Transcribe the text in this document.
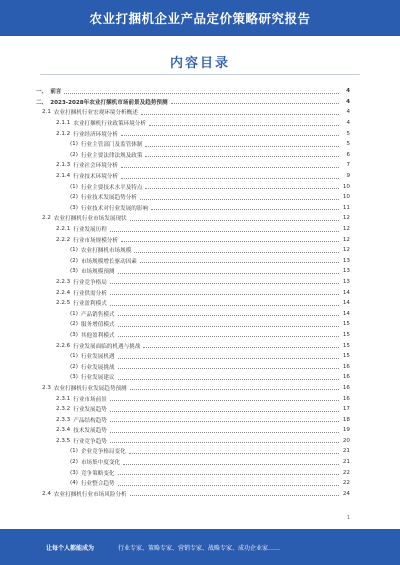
农业打捆机企业产品定价策略研究报告
内容目录
一、 前言	4
二、 2023-2028年农业打捆机市场前景及趋势预测	4
2.1 农业打捆机行业宏观环境分析概述	4
2.1.1 农业打捆机行业政策环境分析	4
2.1.2 行业经济环境分析	5
(1) 行业主管部门及监管体制	5
(2) 行业主要法律法规及政策	6
2.1.3 行业社会环境分析	7
2.1.4 行业技术环境分析	9
(1) 行业主要技术水平及特点	10
(2) 行业技术发展趋势分析	10
(3) 行业技术对行业发展的影响	11
2.2 农业打捆机行业市场发展现状	12
2.2.1 行业发展历程	12
2.2.2 行业市场规模分析	12
(1) 农业打捆机市场规模	12
(2) 市场规模增长驱动因素	13
(3) 市场规模预测	13
2.2.3 行业竞争格局	13
2.2.4 行业供需分析	14
2.2.5 行业盈利模式	14
(1) 产品销售模式	14
(2) 服务增值模式	15
(3) 其他盈利模式	15
2.2.6 行业发展面临的机遇与挑战	15
(1) 行业发展机遇	15
(2) 行业发展挑战	16
(3) 行业发展建议	16
2.3 农业打捆机行业发展趋势预测	16
2.3.1 行业市场前景	16
2.3.2 行业发展趋势	17
2.3.3 产品结构趋势	18
2.3.4 技术发展趋势	19
2.3.5 行业竞争趋势	20
(1) 企业竞争格局变化	21
(2) 市场集中度变化	21
(3) 竞争策略变化	22
(4) 行业整合趋势	22
2.4 农业打捆机行业市场风险分析	24
1
让每个人都能成为	行业专家、策略专家、营销专家、战略专家、成功企业家……
